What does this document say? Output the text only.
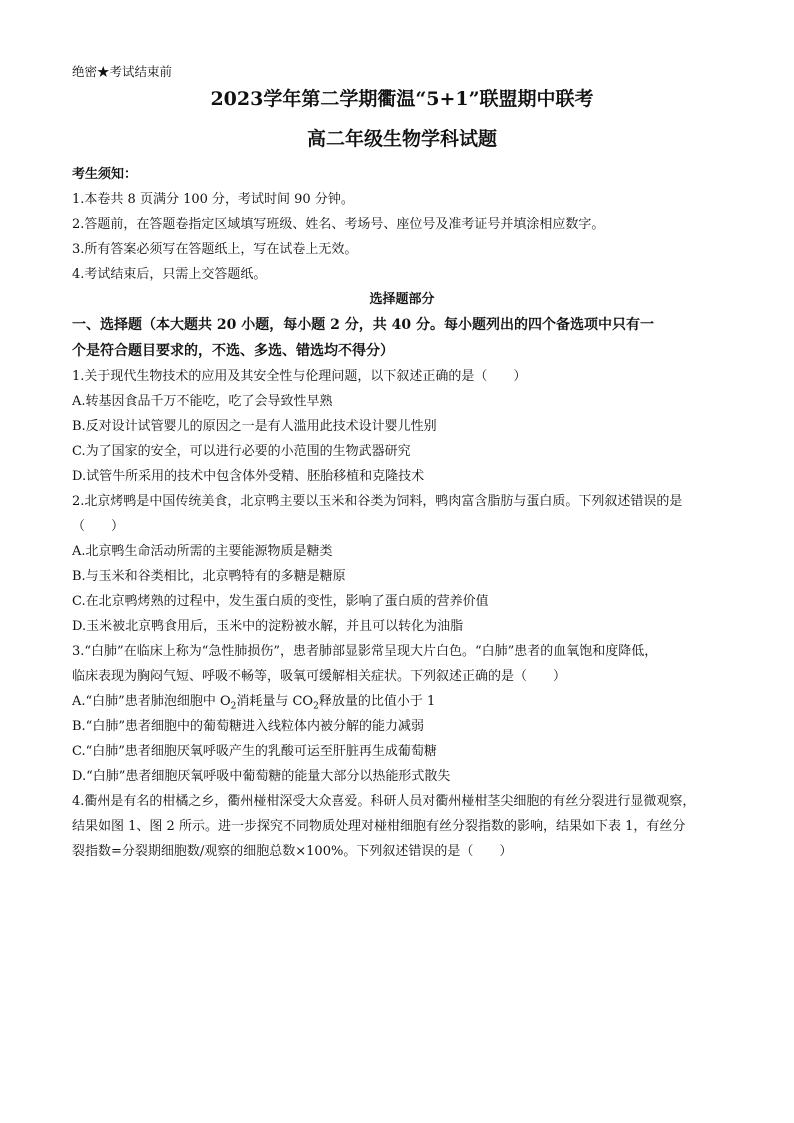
绝密★考试结束前
2023学年第二学期衢温“5+1”联盟期中联考
高二年级生物学科试题
考生须知：
1.本卷共 8 页满分 100 分，考试时间 90 分钟。
2.答题前，在答题卷指定区域填写班级、姓名、考场号、座位号及准考证号并填涂相应数字。
3.所有答案必须写在答题纸上，写在试卷上无效。
4.考试结束后，只需上交答题纸。
选择题部分
一、选择题（本大题共 20 小题，每小题 2 分，共 40 分。每小题列出的四个备选项中只有一
个是符合题目要求的，不选、多选、错选均不得分）
1.关于现代生物技术的应用及其安全性与伦理问题，以下叙述正确的是（　　）
A.转基因食品千万不能吃，吃了会导致性早熟
B.反对设计试管婴儿的原因之一是有人滥用此技术设计婴儿性别
C.为了国家的安全，可以进行必要的小范围的生物武器研究
D.试管牛所采用的技术中包含体外受精、胚胎移植和克隆技术
2.北京烤鸭是中国传统美食，北京鸭主要以玉米和谷类为饲料，鸭肉富含脂肪与蛋白质。下列叙述错误的是
（　　）
A.北京鸭生命活动所需的主要能源物质是糖类
B.与玉米和谷类相比，北京鸭特有的多糖是糖原
C.在北京鸭烤熟的过程中，发生蛋白质的变性，影响了蛋白质的营养价值
D.玉米被北京鸭食用后，玉米中的淀粉被水解，并且可以转化为油脂
3.“白肺”在临床上称为“急性肺损伤”，患者肺部显影常呈现大片白色。“白肺”患者的血氧饱和度降低，
临床表现为胸闷气短、呼吸不畅等，吸氧可缓解相关症状。下列叙述正确的是（　　）
A.“白肺”患者肺泡细胞中 $O_2$消耗量与 $CO_2$释放量的比值小于 1
B.“白肺”患者细胞中的葡萄糖进入线粒体内被分解的能力减弱
C.“白肺”患者细胞厌氧呼吸产生的乳酸可运至肝脏再生成葡萄糖
D.“白肺”患者细胞厌氧呼吸中葡萄糖的能量大部分以热能形式散失
4.衢州是有名的柑橘之乡，衢州椪柑深受大众喜爱。科研人员对衢州椪柑茎尖细胞的有丝分裂进行显微观察，
结果如图 1、图 2 所示。进一步探究不同物质处理对椪柑细胞有丝分裂指数的影响，结果如下表 1，有丝分
裂指数=分裂期细胞数/观察的细胞总数×100%。下列叙述错误的是（　　）
